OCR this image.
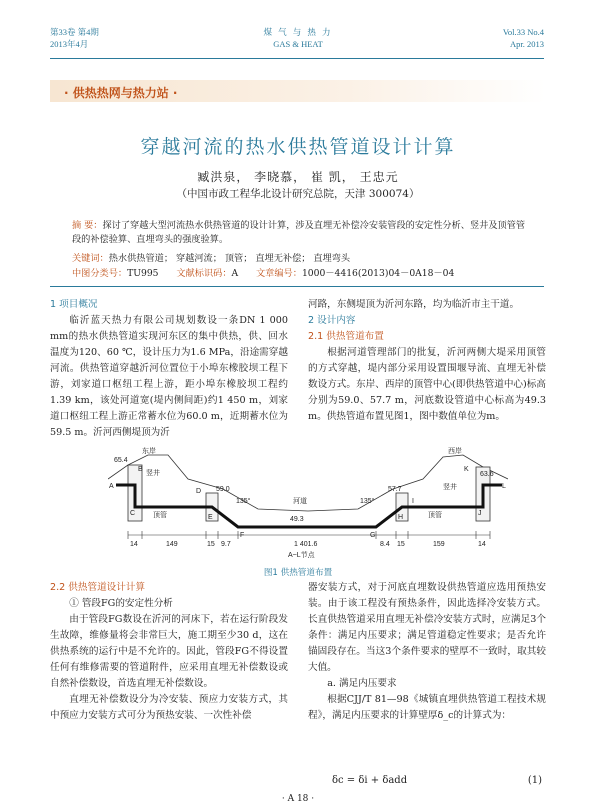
第33卷 第4期
2013年4月
煤 气 与 热 力
GAS & HEAT
Vol.33 No.4
Apr. 2013
· 供热热网与热力站 ·
穿越河流的热水供热管道设计计算
臧洪泉， 李晓慕， 崔 凯， 王忠元
（中国市政工程华北设计研究总院，天津 300074）
摘 要：探讨了穿越大型河流热水供热管道的设计计算，涉及直埋无补偿冷安装管段的安定性分析、竖井及顶管管段的补偿验算、直埋弯头的强度验算。
关键词：热水供热管道； 穿越河流； 顶管； 直埋无补偿； 直埋弯头
中图分类号：TU995 文献标识码：A 文章编号：1000－4416(2013)04－0A18－04

1 项目概况

临沂蓝天热力有限公司规划数设一条DN 1 000 mm的热水供热管道实现河东区的集中供热，供、回水温度为120、60 ℃，设计压力为1.6 MPa，沿途需穿越河流。供热管道穿越沂河位置位于小埠东橡胶坝工程下游，刘家道口枢纽工程上游，距小埠东橡胶坝工程约1.39 km，该处河道宽(堤内侧间距)约1 450 m，刘家道口枢纽工程上游正常蓄水位为60.0 m，近期蓄水位为59.5 m。沂河西侧堤顶为沂

河路，东侧堤顶为沂河东路，均为临沂市主干道。

2 设计内容

2.1 供热管道布置

根据河道管理部门的批复，沂河两侧大堤采用顶管的方式穿越，堤内部分采用设置围堰导流、直埋无补偿数设方式。东岸、西岸的顶管中心(即供热管道中心)标高分别为59.0、57.7 m，河底数设管道中心标高为49.3 m。供热管道布置见图1，图中数值单位为m。

东岸	西岸
河道
竖井
竖井
顶管	顶管
A~L节点
65.4
59.0
49.3
57.7
63.6
135°	135°
14	149	15 9.7	1 401.6	8.4 15	159	14
A
B
C
D
E
F	G
H
I
J
K
L
图1 供热管道布置

2.2 供热管道设计计算

① 管段FG的安定性分析

由于管段FG数设在沂河的河床下，若在运行阶段发生故障，维修量将会非常巨大，施工期至少30 d，这在供热系统的运行中是不允许的。因此，管段FG不得设置任何有维修需要的管道附件，应采用直埋无补偿数设或自然补偿数设，首选直埋无补偿数设。

直埋无补偿数设分为冷安装、预应力安装方式，其中预应力安装方式可分为预热安装、一次性补偿

器安装方式，对于河底直埋数设供热管道应选用预热安装。由于该工程没有预热条件，因此选择冷安装方式。长直供热管道采用直埋无补偿冷安装方式时，应满足3个条件：满足内压要求；满足管道稳定性要求；是否允许锚固段存在。当这3个条件要求的壁厚不一致时，取其较大值。

a. 满足内压要求

根据CJJ/T 81—98《城镇直埋供热管道工程技术规程》，满足内压要求的计算壁厚δ_c的计算式为：

δc = δi + δadd	(1)
· A 18 ·
